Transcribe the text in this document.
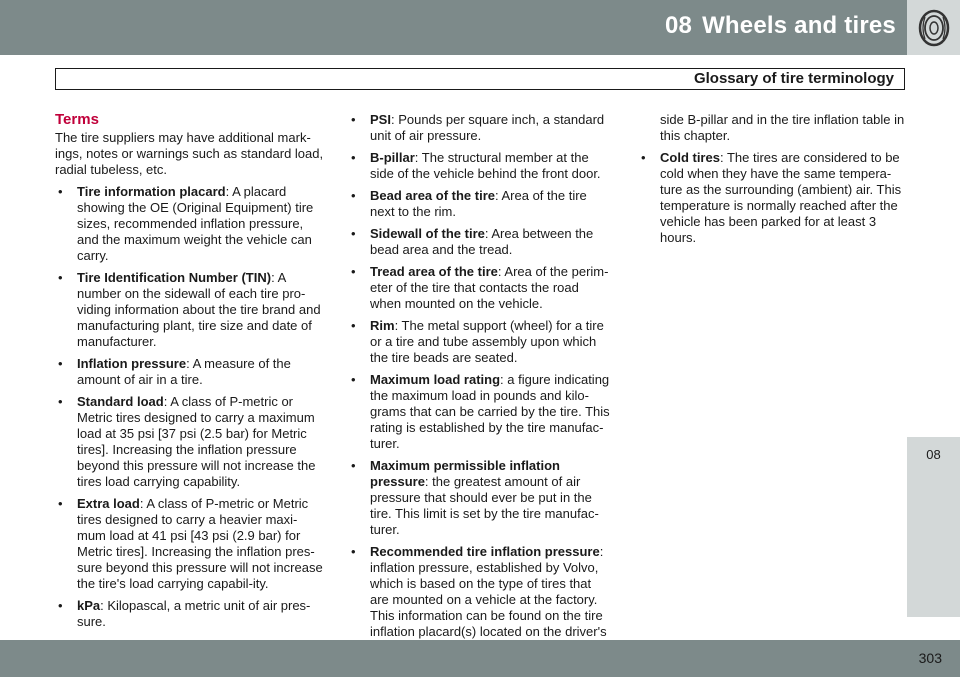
08 Wheels and tires
Glossary of tire terminology
Terms

The tire suppliers may have additional mark-ings, notes or warnings such as standard load, radial tubeless, etc.

• Tire information placard: A placard showing the OE (Original Equipment) tire sizes, recommended inflation pressure, and the maximum weight the vehicle can carry.
• Tire Identification Number (TIN): A number on the sidewall of each tire pro-viding information about the tire brand and manufacturing plant, tire size and date of manufacturer.
• Inflation pressure: A measure of the amount of air in a tire.
• Standard load: A class of P-metric or Metric tires designed to carry a maximum load at 35 psi [37 psi (2.5 bar) for Metric tires]. Increasing the inflation pressure beyond this pressure will not increase the tires load carrying capability.
• Extra load: A class of P-metric or Metric tires designed to carry a heavier maxi-mum load at 41 psi [43 psi (2.9 bar) for Metric tires]. Increasing the inflation pres-sure beyond this pressure will not increase the tire's load carrying capabil-ity.
• kPa: Kilopascal, a metric unit of air pres-sure.
• PSI: Pounds per square inch, a standard unit of air pressure.
• B-pillar: The structural member at the side of the vehicle behind the front door.
• Bead area of the tire: Area of the tire next to the rim.
• Sidewall of the tire: Area between the bead area and the tread.
• Tread area of the tire: Area of the perim-eter of the tire that contacts the road when mounted on the vehicle.
• Rim: The metal support (wheel) for a tire or a tire and tube assembly upon which the tire beads are seated.
• Maximum load rating: a figure indicating the maximum load in pounds and kilo-grams that can be carried by the tire. This rating is established by the tire manufac-turer.
• Maximum permissible inflation pressure: the greatest amount of air pressure that should ever be put in the tire. This limit is set by the tire manufac-turer.
• Recommended tire inflation pressure: inflation pressure, established by Volvo, which is based on the type of tires that are mounted on a vehicle at the factory. This information can be found on the tire inflation placard(s) located on the driver's
side B-pillar and in the tire inflation table in this chapter.
• Cold tires: The tires are considered to be cold when they have the same tempera-ture as the surrounding (ambient) air. This temperature is normally reached after the vehicle has been parked for at least 3 hours.
08
303
